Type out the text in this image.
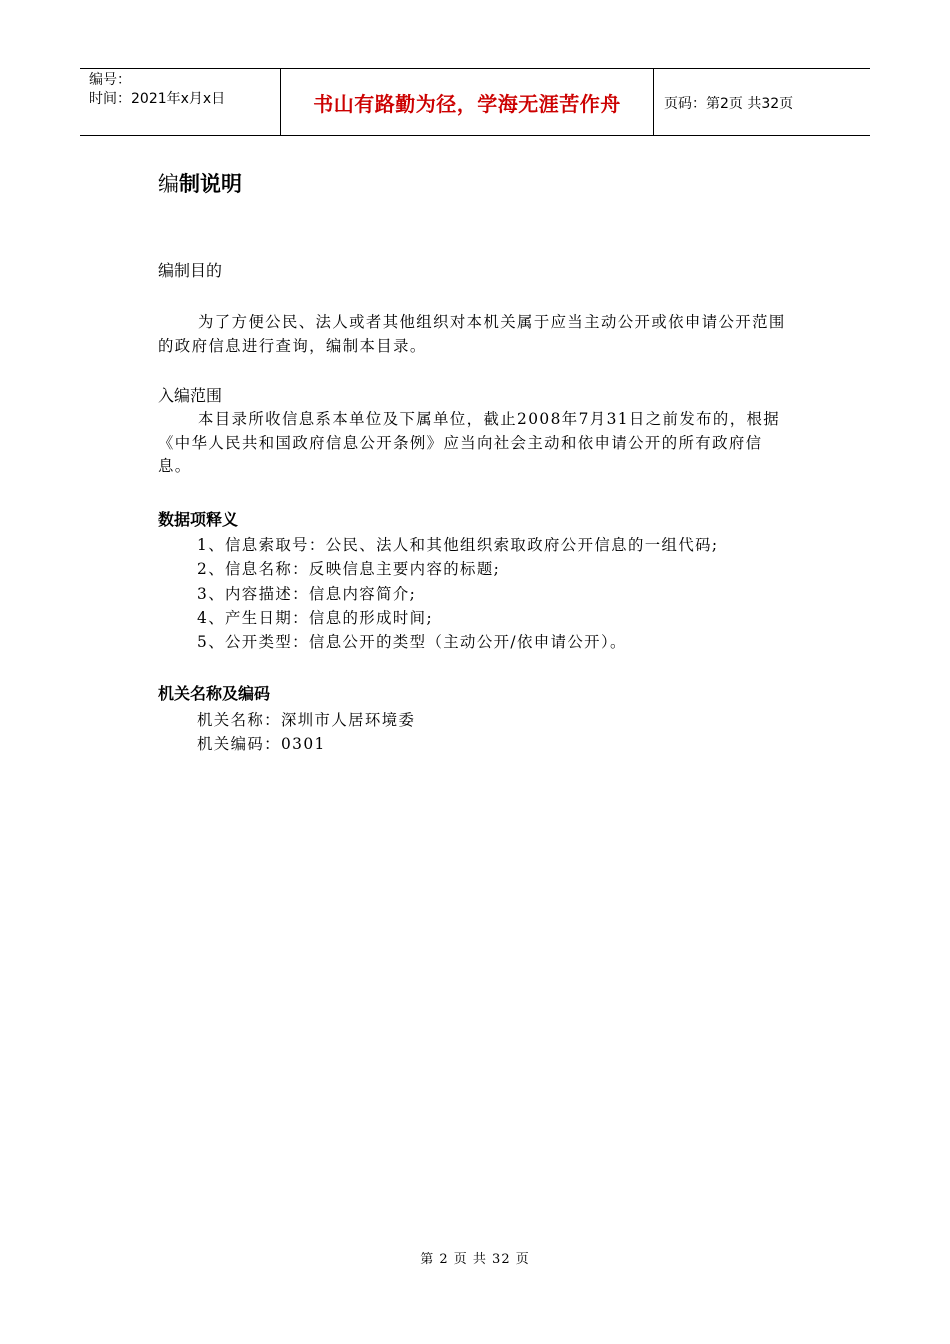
编号：
时间：2021年x月x日	书山有路勤为径，学海无涯苦作舟	页码：第2页 共32页
编制说明
编制目的
为了方便公民、法人或者其他组织对本机关属于应当主动公开或依申请公开范围的政府信息进行查询，编制本目录。
入编范围
本目录所收信息系本单位及下属单位，截止2008年7月31日之前发布的，根据《中华人民共和国政府信息公开条例》应当向社会主动和依申请公开的所有政府信息。
数据项释义
1、信息索取号：公民、法人和其他组织索取政府公开信息的一组代码;
2、信息名称：反映信息主要内容的标题;
3、内容描述：信息内容简介;
4、产生日期：信息的形成时间;
5、公开类型：信息公开的类型（主动公开/依申请公开）。
机关名称及编码
机关名称：深圳市人居环境委
机关编码：0301
第 2 页 共 32 页
